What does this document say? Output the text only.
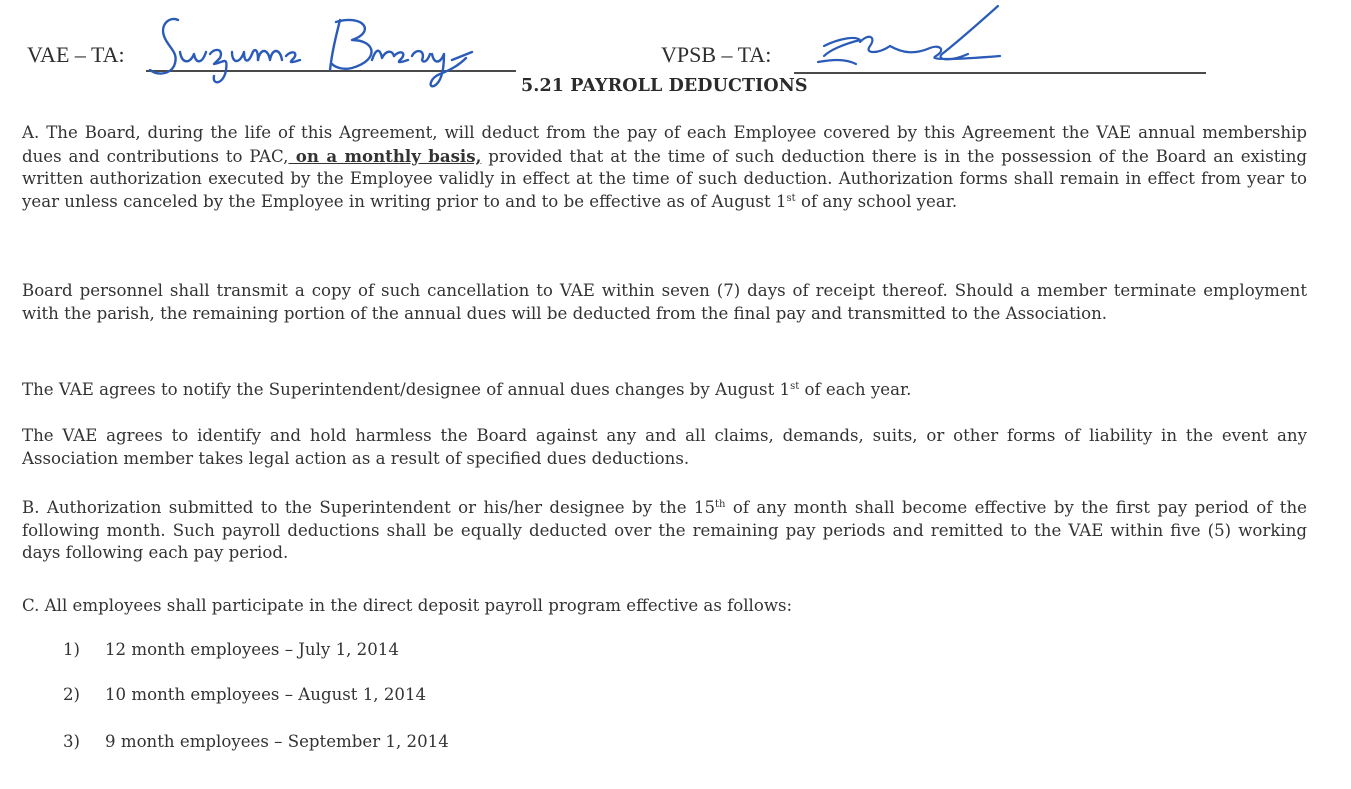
VAE – TA:	VPSB – TA:
5.21 PAYROLL DEDUCTIONS

A. The Board, during the life of this Agreement, will deduct from the pay of each Employee covered by this Agreement the VAE annual membership dues and contributions to PAC, on a monthly basis, provided that at the time of such deduction there is in the possession of the Board an existing written authorization executed by the Employee validly in effect at the time of such deduction. Authorization forms shall remain in effect from year to year unless canceled by the Employee in writing prior to and to be effective as of August 1st of any school year.

Board personnel shall transmit a copy of such cancellation to VAE within seven (7) days of receipt thereof. Should a member terminate employment with the parish, the remaining portion of the annual dues will be deducted from the final pay and transmitted to the Association.

The VAE agrees to notify the Superintendent/designee of annual dues changes by August 1st of each year.

The VAE agrees to identify and hold harmless the Board against any and all claims, demands, suits, or other forms of liability in the event any Association member takes legal action as a result of specified dues deductions.

B. Authorization submitted to the Superintendent or his/her designee by the 15th of any month shall become effective by the first pay period of the following month. Such payroll deductions shall be equally deducted over the remaining pay periods and remitted to the VAE within five (5) working days following each pay period.

C. All employees shall participate in the direct deposit payroll program effective as follows:

1) 12 month employees – July 1, 2014
2) 10 month employees – August 1, 2014
3) 9 month employees – September 1, 2014
